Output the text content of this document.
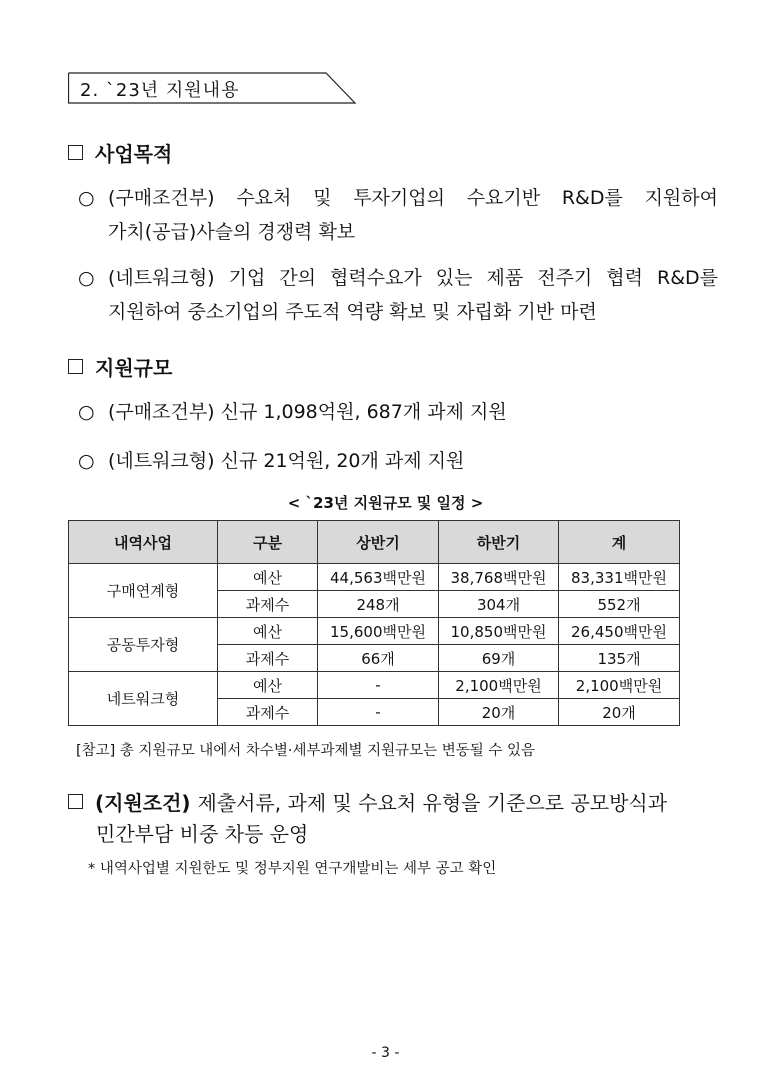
2. `23년 지원내용
사업목적
○ (구매조건부) 수요처 및 투자기업의 수요기반 R&D를 지원하여
가치(공급)사슬의 경쟁력 확보
○ (네트워크형) 기업 간의 협력수요가 있는 제품 전주기 협력 R&D를
지원하여 중소기업의 주도적 역량 확보 및 자립화 기반 마련
지원규모
○ (구매조건부) 신규 1,098억원, 687개 과제 지원
○ (네트워크형) 신규 21억원, 20개 과제 지원
< `23년 지원규모 및 일정 >
내역사업	구분	상반기	하반기	계
구매연계형	예산	44,563백만원	38,768백만원	83,331백만원
	과제수	248개	304개	552개
공동투자형	예산	15,600백만원	10,850백만원	26,450백만원
	과제수	66개	69개	135개
네트워크형	예산	-	2,100백만원	2,100백만원
	과제수	-	20개	20개
[참고] 총 지원규모 내에서 차수별·세부과제별 지원규모는 변동될 수 있음
(지원조건) 제출서류, 과제 및 수요처 유형을 기준으로 공모방식과
민간부담 비중 차등 운영
* 내역사업별 지원한도 및 정부지원 연구개발비는 세부 공고 확인
- 3 -
